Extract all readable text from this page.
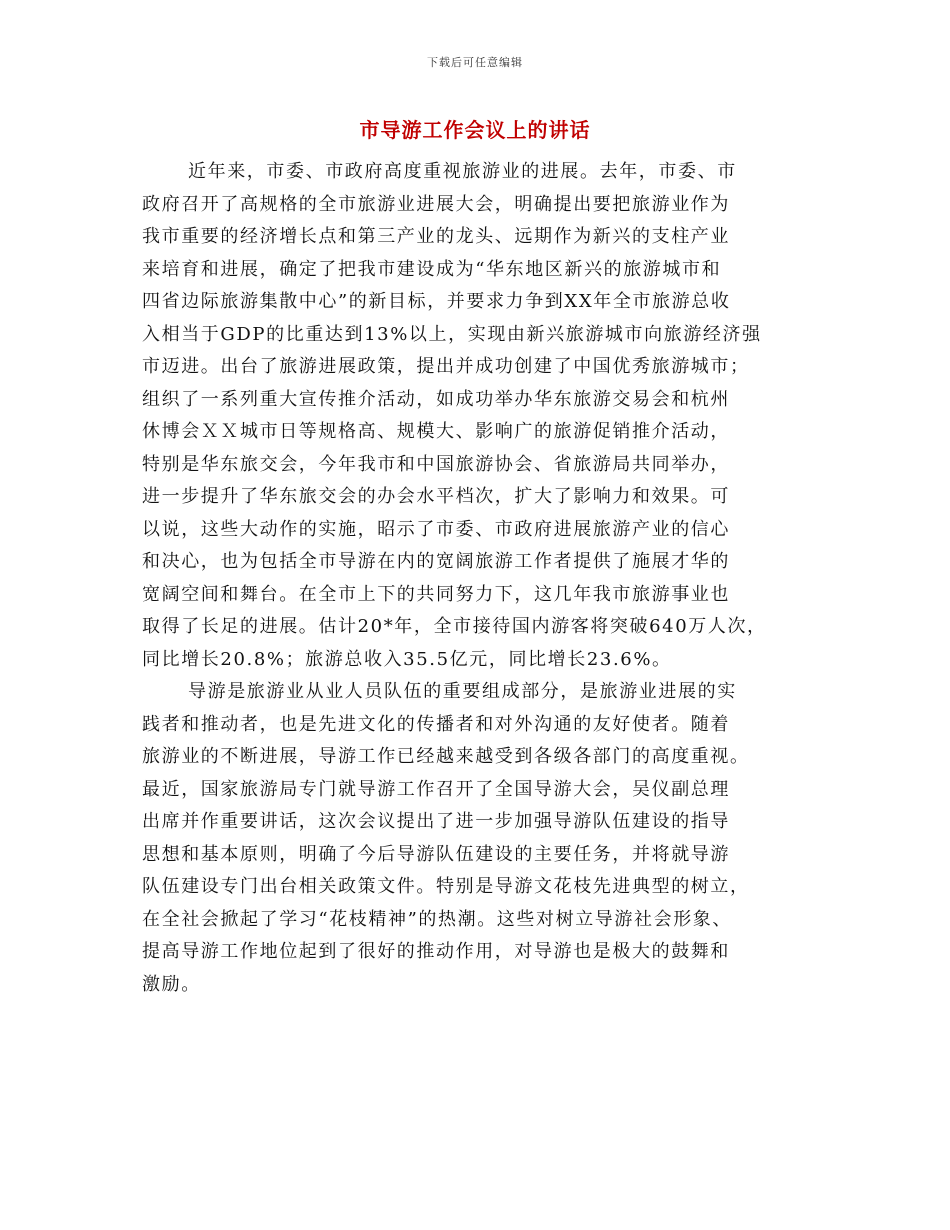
下载后可任意编辑
市导游工作会议上的讲话
近年来，市委、市政府高度重视旅游业的进展。去年，市委、市
政府召开了高规格的全市旅游业进展大会，明确提出要把旅游业作为
我市重要的经济增长点和第三产业的龙头、远期作为新兴的支柱产业
来培育和进展，确定了把我市建设成为“华东地区新兴的旅游城市和
四省边际旅游集散中心”的新目标，并要求力争到XX年全市旅游总收
入相当于GDP的比重达到13%以上，实现由新兴旅游城市向旅游经济强
市迈进。出台了旅游进展政策，提出并成功创建了中国优秀旅游城市；
组织了一系列重大宣传推介活动，如成功举办华东旅游交易会和杭州
休博会ＸＸ城市日等规格高、规模大、影响广的旅游促销推介活动，
特别是华东旅交会，今年我市和中国旅游协会、省旅游局共同举办，
进一步提升了华东旅交会的办会水平档次，扩大了影响力和效果。可
以说，这些大动作的实施，昭示了市委、市政府进展旅游产业的信心
和决心，也为包括全市导游在内的宽阔旅游工作者提供了施展才华的
宽阔空间和舞台。在全市上下的共同努力下，这几年我市旅游事业也
取得了长足的进展。估计20*年，全市接待国内游客将突破640万人次，
同比增长20.8%；旅游总收入35.5亿元，同比增长23.6%。
导游是旅游业从业人员队伍的重要组成部分，是旅游业进展的实
践者和推动者，也是先进文化的传播者和对外沟通的友好使者。随着
旅游业的不断进展，导游工作已经越来越受到各级各部门的高度重视。
最近，国家旅游局专门就导游工作召开了全国导游大会，吴仪副总理
出席并作重要讲话，这次会议提出了进一步加强导游队伍建设的指导
思想和基本原则，明确了今后导游队伍建设的主要任务，并将就导游
队伍建设专门出台相关政策文件。特别是导游文花枝先进典型的树立，
在全社会掀起了学习“花枝精神”的热潮。这些对树立导游社会形象、
提高导游工作地位起到了很好的推动作用，对导游也是极大的鼓舞和
激励。
